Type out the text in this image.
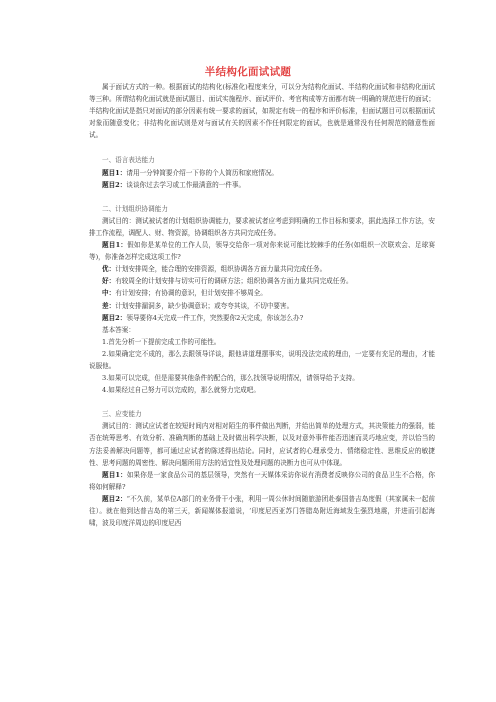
半结构化面试试题

属于面试方式的一种。根据面试的结构化(标准化)程度来分，可以分为结构化面试、半结构化面试和非结构化面试等三种。所谓结构化面试就是面试题目、面试实施程序、面试评价、考官构成等方面都有统一明确的规范进行的面试；半结构化面试是指只对面试的部分因素有统一要求的面试，如规定有统一的程序和评价标准，但面试题目可以根据面试对象而随意变化；非结构化面试则是对与面试有关的因素不作任何限定的面试，也就是通常没有任何规范的随意性面试。

一、语言表达能力

题目1：请用一分钟简要介绍一下你的个人简历和家庭情况。

题目2：谈谈你过去学习或工作最满意的一件事。

二、计划组织协调能力

测试目的：测试被试者的计划组织协调能力，要求被试者应考虑到明确的工作目标和要求，据此选择工作方法，安排工作流程，调配人、财、物资源，协调组织各方共同完成任务。

题目1：假如你是某单位的工作人员，领导交给你一项对你来说可能比较棘手的任务(如组织一次联欢会、足球赛等)，你准备怎样完成这项工作?

优：计划安排周全，能合理的安排资源，组织协调各方面力量共同完成任务。

好：有较周全的计划安排与切实可行的调研方法；组织协调各方面力量共同完成任务。

中：有计划安排；有协调的意识，但计划安排不够周全。

差：计划安排漏洞多，缺少协调意识；或夸夸其谈，不切中要害。

题目2：领导要你4天完成一件工作，突然要你2天完成，你该怎么办?

基本答案：

1.首先分析一下提前完成工作的可能性。

2.如果确定完不成的，那么去跟领导详谈，跟他讲道理摆事实，说明没法完成的理由，一定要有充足的理由，才能说服他。

3.如果可以完成，但是需要其他条件的配合的，那么找领导说明情况，请领导给予支持。

4.如果经过自己努力可以完成的，那么就努力完成吧。

三、应变能力

测试目的：测试应试者在较短时间内对相对陌生的事件做出判断，并给出简单的处理方式，其决策能力的强弱，能否在统筹思考、有效分析、准确判断的基础上及时做出科学决断，以及对意外事件能否迅速而灵巧地应变，并以恰当的方法妥善解决问题等，都可通过应试者的陈述得出结论。同时，应试者的心理承受力、情绪稳定性、思维反应的敏捷性、思考问题的周密性、解决问题所用方法的适宜性及处理问题的决断力也可从中体现。

题目1：如果你是一家食品公司的基层领导，突然有一天媒体采访你说有消费者反映你公司的食品卫生不合格，你将如何解释?

题目2：“不久前，某单位A部门的业务骨干小张，利用一周公休时间随旅游团赴泰国普吉岛度假（其家属未一起前往）。就在他到达普吉岛的第三天，新闻媒体报道说，‘印度尼西亚苏门答腊岛附近海域发生强烈地震，并进而引起海啸，波及印度洋周边的印度尼西
